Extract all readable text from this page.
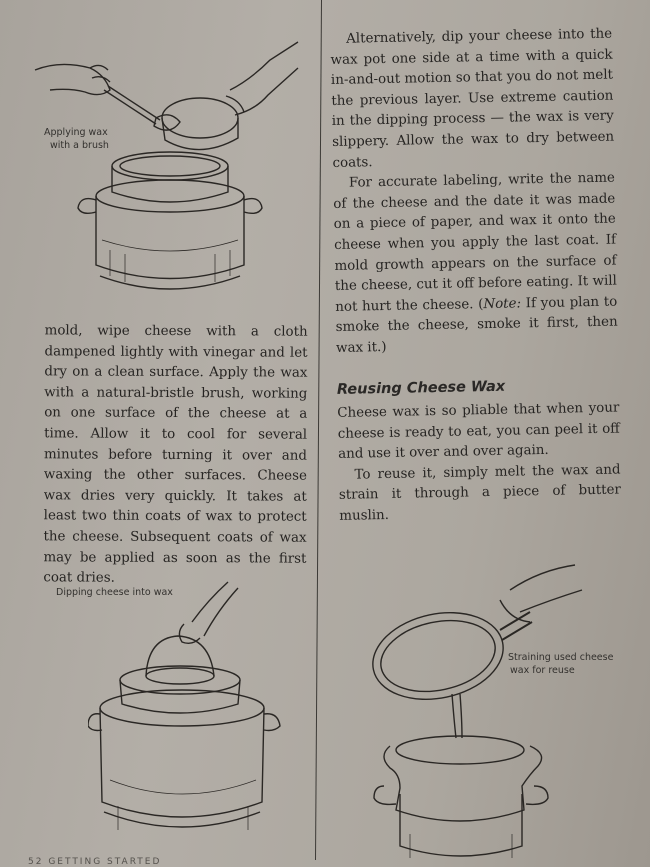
Applying wax
with a brush

mold, wipe cheese with a cloth dampened lightly with vinegar and let dry on a clean surface. Apply the wax with a natural-bristle brush, working on one surface of the cheese at a time. Allow it to cool for several minutes before turning it over and waxing the other surfaces. Cheese wax dries very quickly. It takes at least two thin coats of wax to protect the cheese. Subsequent coats of wax may be applied as soon as the first coat dries.

Dipping cheese into wax

Alternatively, dip your cheese into the wax pot one side at a time with a quick in-and-out motion so that you do not melt the previous layer. Use extreme caution in the dipping process — the wax is very slippery. Allow the wax to dry between coats.

For accurate labeling, write the name of the cheese and the date it was made on a piece of paper, and wax it onto the cheese when you apply the last coat. If mold growth appears on the surface of the cheese, cut it off before eating. It will not hurt the cheese. (Note: If you plan to smoke the cheese, smoke it first, then wax it.)

Reusing Cheese Wax

Cheese wax is so pliable that when your cheese is ready to eat, you can peel it off and use it over and over again.

To reuse it, simply melt the wax and strain it through a piece of butter muslin.

Straining used cheese
wax for reuse
52 GETTING STARTED
